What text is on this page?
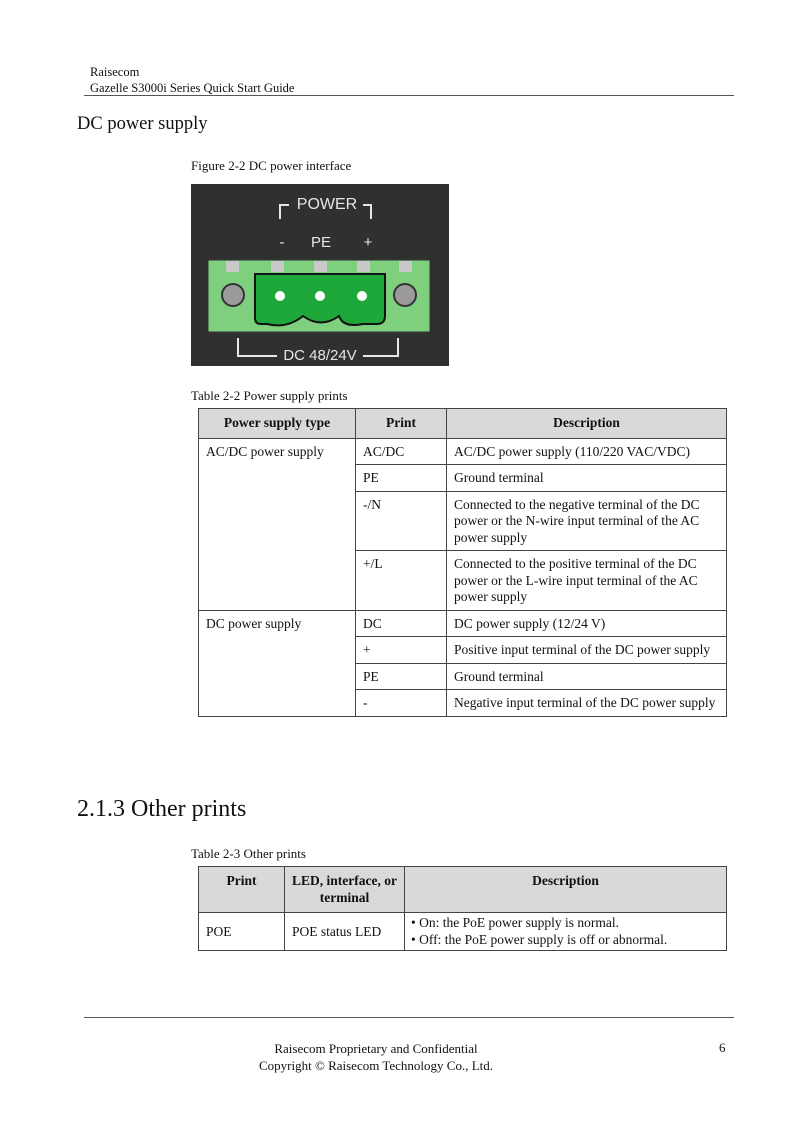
Raisecom
Gazelle S3000i Series Quick Start Guide
DC power supply
Figure 2-2 DC power interface
POWER
- PE +
DC 48/24V
Table 2-2 Power supply prints
Power supply type	Print	Description
AC/DC power supply	AC/DC	AC/DC power supply (110/220 VAC/VDC)
	PE	Ground terminal
	-/N	Connected to the negative terminal of the DC power or the N-wire input terminal of the AC power supply
	+/L	Connected to the positive terminal of the DC power or the L-wire input terminal of the AC power supply
DC power supply	DC	DC power supply (12/24 V)
	+	Positive input terminal of the DC power supply
	PE	Ground terminal
	-	Negative input terminal of the DC power supply
2.1.3 Other prints
Table 2-3 Other prints
Print	LED, interface, or terminal	Description
POE	POE status LED	• On: the PoE power supply is normal.
• Off: the PoE power supply is off or abnormal.
Raisecom Proprietary and Confidential
Copyright © Raisecom Technology Co., Ltd.
6
